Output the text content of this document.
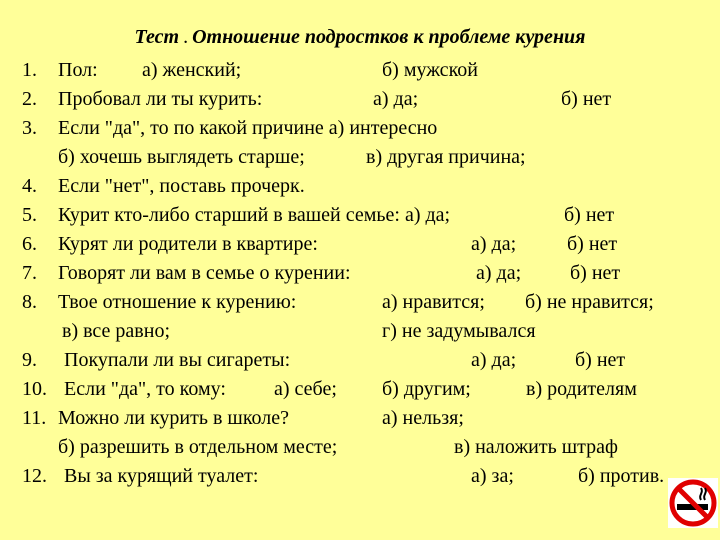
Тест . Отношение подростков к проблеме курения
1. Пол: а) женский;	б) мужской
2. Пробовал ли ты курить:	а) да;	б) нет
3. Если "да", то по какой причине а) интересно
б) хочешь выглядеть старше;	в) другая причина;
4. Если "нет", поставь прочерк.
5. Курит кто-либо старший в вашей семье: а) да;	б) нет
6. Курят ли родители в квартире:	а) да;	б) нет
7. Говорят ли вам в семье о курении:	а) да; б) нет
8. Твое отношение к курению:	а) нравится; б) не нравится;
в) все равно;	г) не задумывался
9. Покупали ли вы сигареты:	а) да;	б) нет
10. Если "да", то кому: а) себе; б) другим;	в) родителям
11. Можно ли курить в школе?	а) нельзя;
б) разрешить в отдельном месте;	в) наложить штраф
12. Вы за курящий туалет:	а) за;	б) против.
